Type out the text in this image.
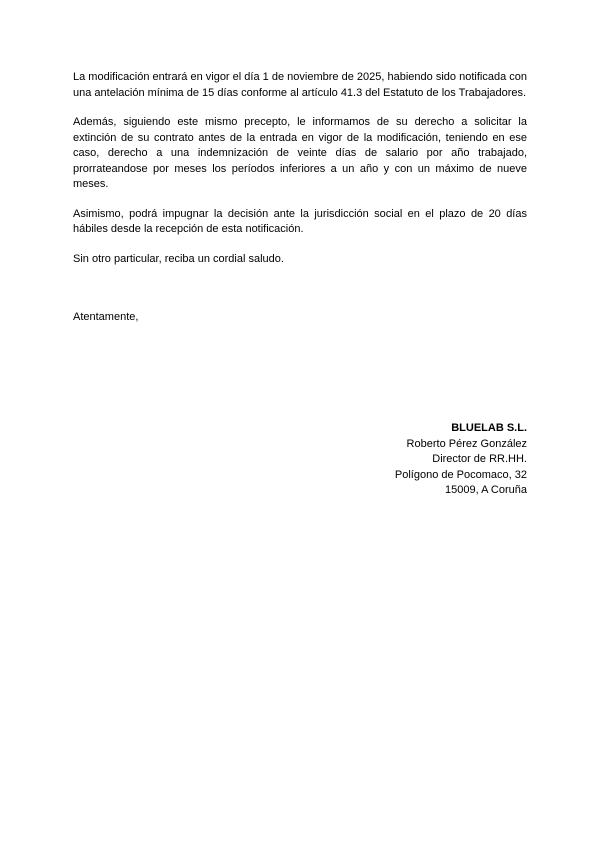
La modificación entrará en vigor el día 1 de noviembre de 2025, habiendo sido notificada con una antelación mínima de 15 días conforme al artículo 41.3 del Estatuto de los Trabajadores.

Además, siguiendo este mismo precepto, le informamos de su derecho a solicitar la extinción de su contrato antes de la entrada en vigor de la modificación, teniendo en ese caso, derecho a una indemnización de veinte días de salario por año trabajado, prorrateandose por meses los períodos inferiores a un año y con un máximo de nueve meses.

Asimismo, podrá impugnar la decisión ante la jurisdicción social en el plazo de 20 días hábiles desde la recepción de esta notificación.

Sin otro particular, reciba un cordial saludo.

Atentamente,

BLUELAB S.L.
Roberto Pérez González
Director de RR.HH.
Polígono de Pocomaco, 32
15009, A Coruña
